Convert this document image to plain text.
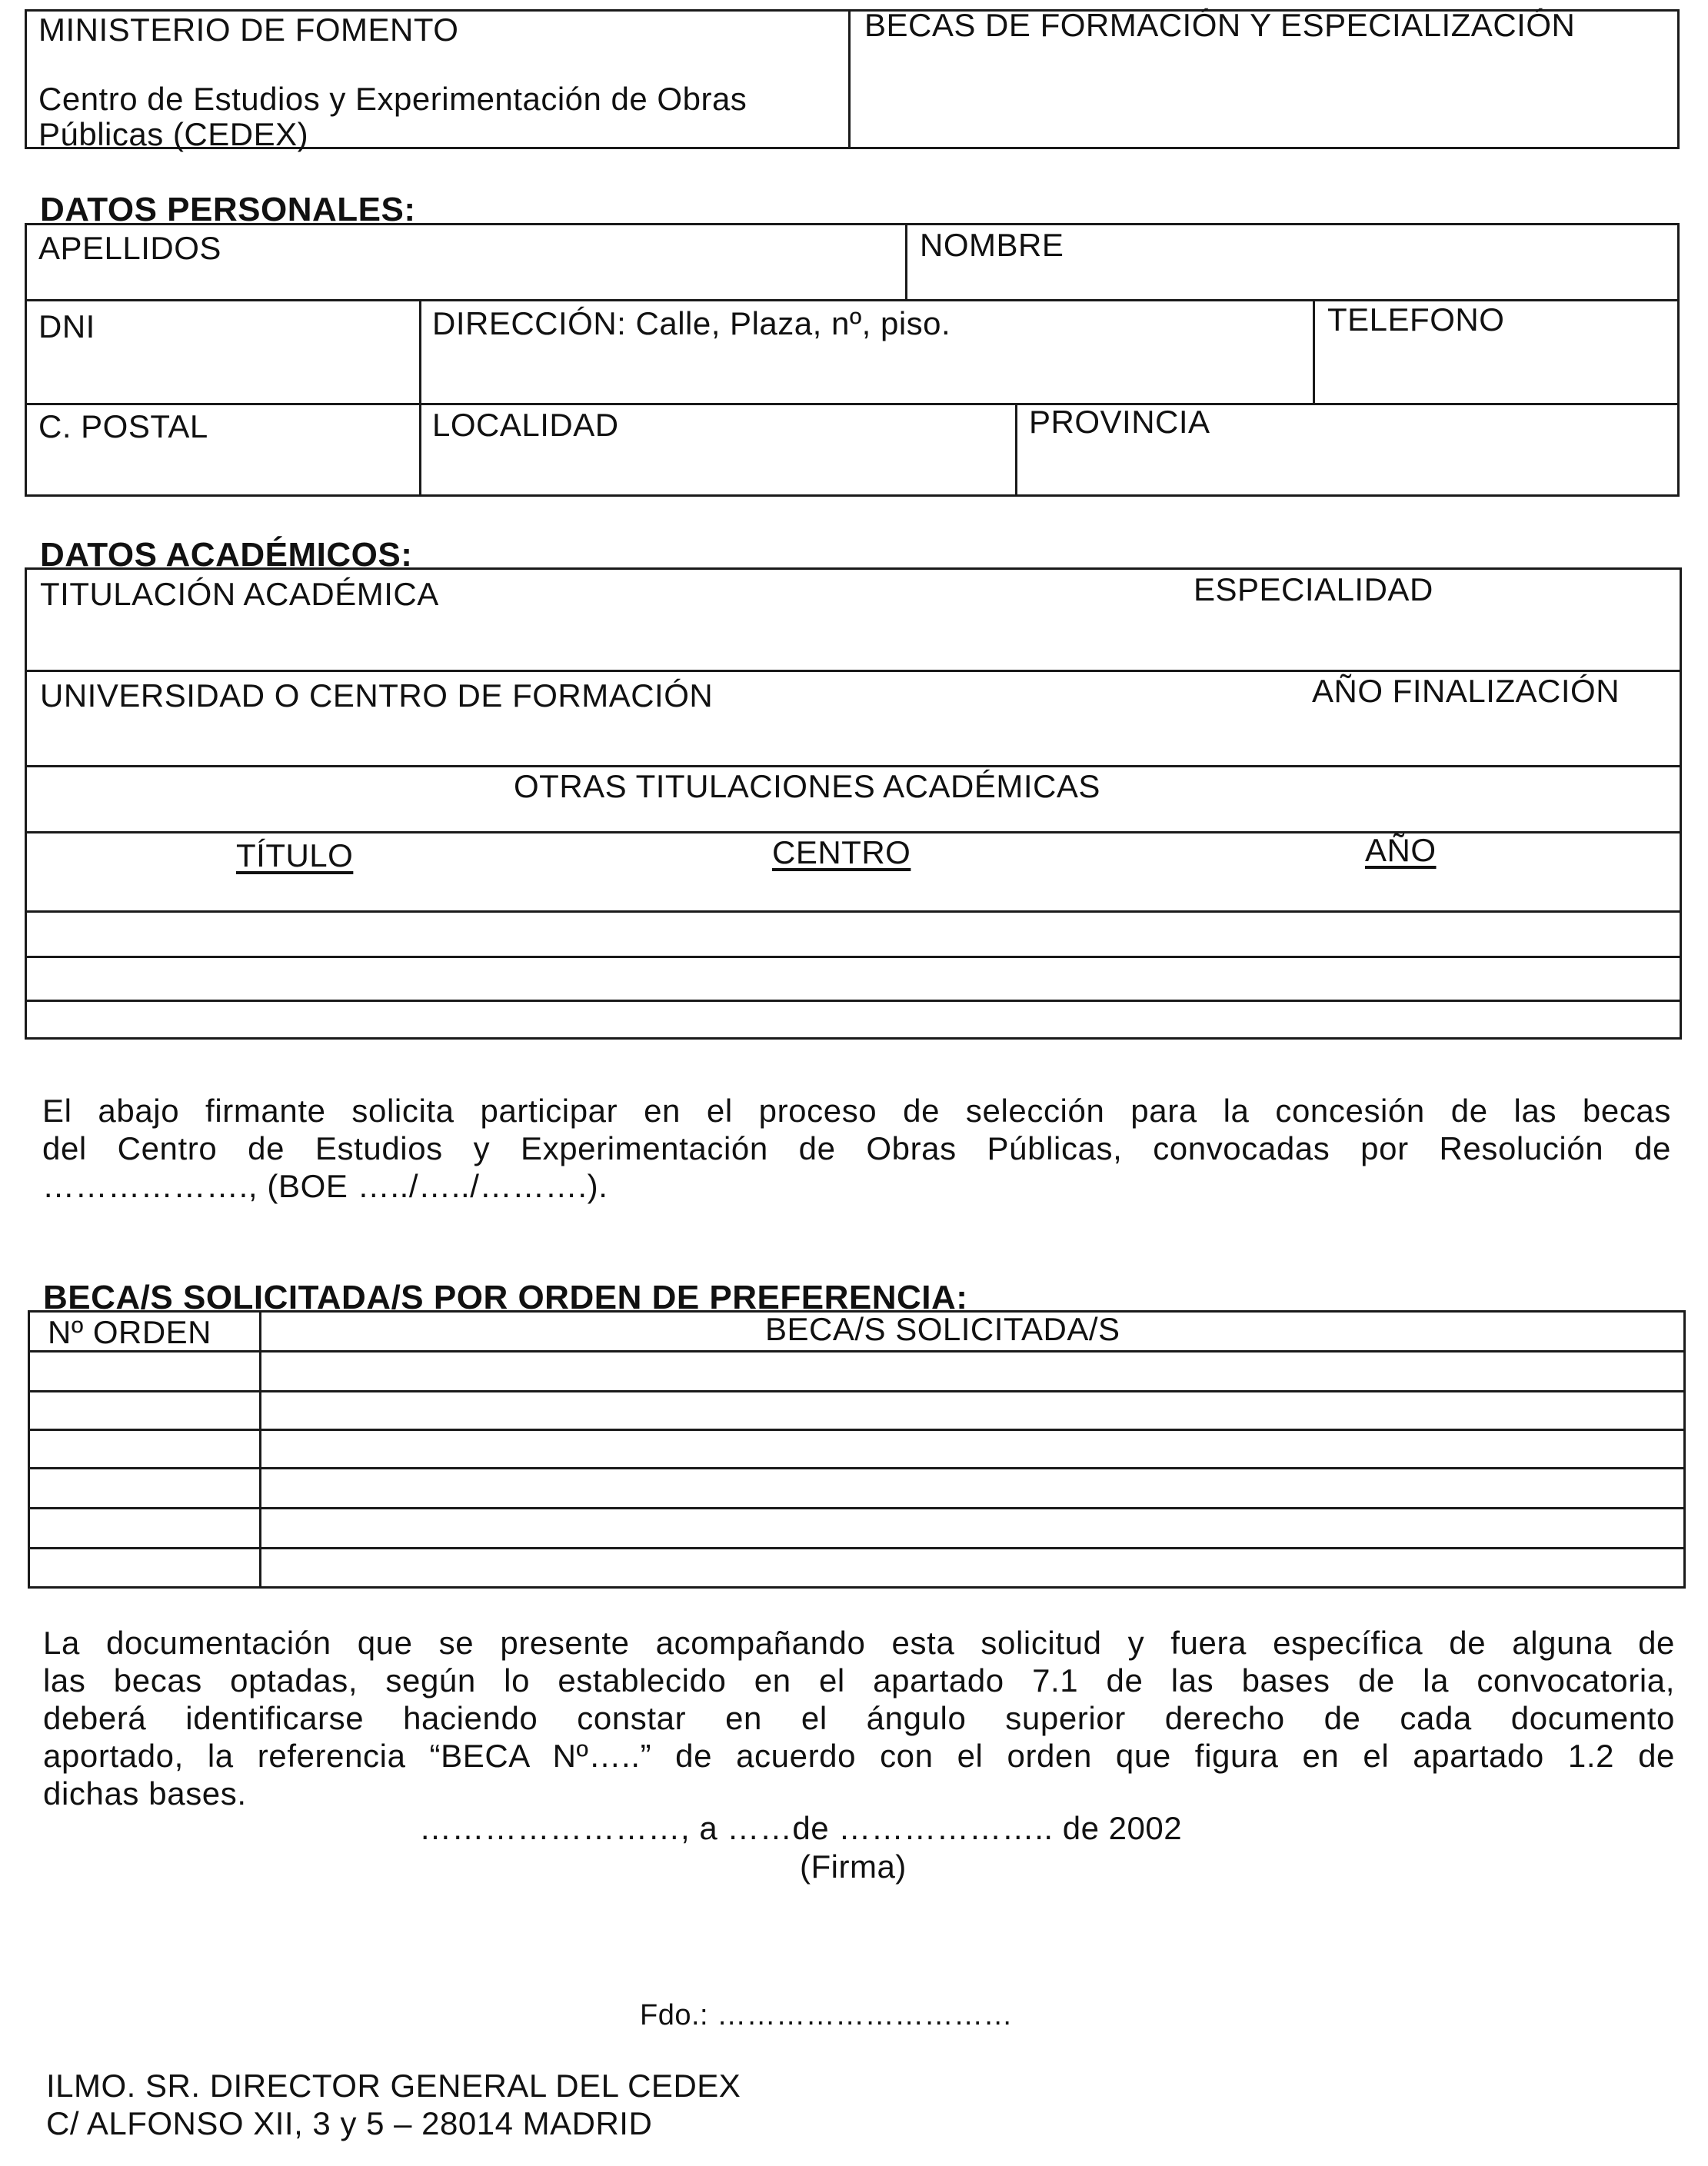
MINISTERIO DE FOMENTO
Centro de Estudios y Experimentación de Obras
Públicas (CEDEX)
BECAS DE FORMACIÓN Y ESPECIALIZACIÓN
DATOS PERSONALES:
APELLIDOS	NOMBRE
DNI	DIRECCIÓN: Calle, Plaza, nº, piso.	TELEFONO
C. POSTAL	LOCALIDAD	PROVINCIA
DATOS ACADÉMICOS:
TITULACIÓN ACADÉMICA	ESPECIALIDAD
UNIVERSIDAD O CENTRO DE FORMACIÓN	AÑO FINALIZACIÓN
OTRAS TITULACIONES ACADÉMICAS
TÍTULO	CENTRO	AÑO
El abajo firmante solicita participar en el proceso de selección para la concesión de las becas
del Centro de Estudios y Experimentación de Obras Públicas, convocadas por Resolución de
………………., (BOE …../…../……….).
BECA/S SOLICITADA/S POR ORDEN DE PREFERENCIA:
Nº ORDEN	BECA/S SOLICITADA/S
La documentación que se presente acompañando esta solicitud y fuera específica de alguna de
las becas optadas, según lo establecido en el apartado 7.1 de las bases de la convocatoria,
deberá identificarse haciendo constar en el ángulo superior derecho de cada documento
aportado, la referencia “BECA Nº…..” de acuerdo con el orden que figura en el apartado 1.2 de
dichas bases.
……………………, a ……de ……………….. de 2002
(Firma)
Fdo.: …………………………
ILMO. SR. DIRECTOR GENERAL DEL CEDEX
C/ ALFONSO XII, 3 y 5 – 28014 MADRID
